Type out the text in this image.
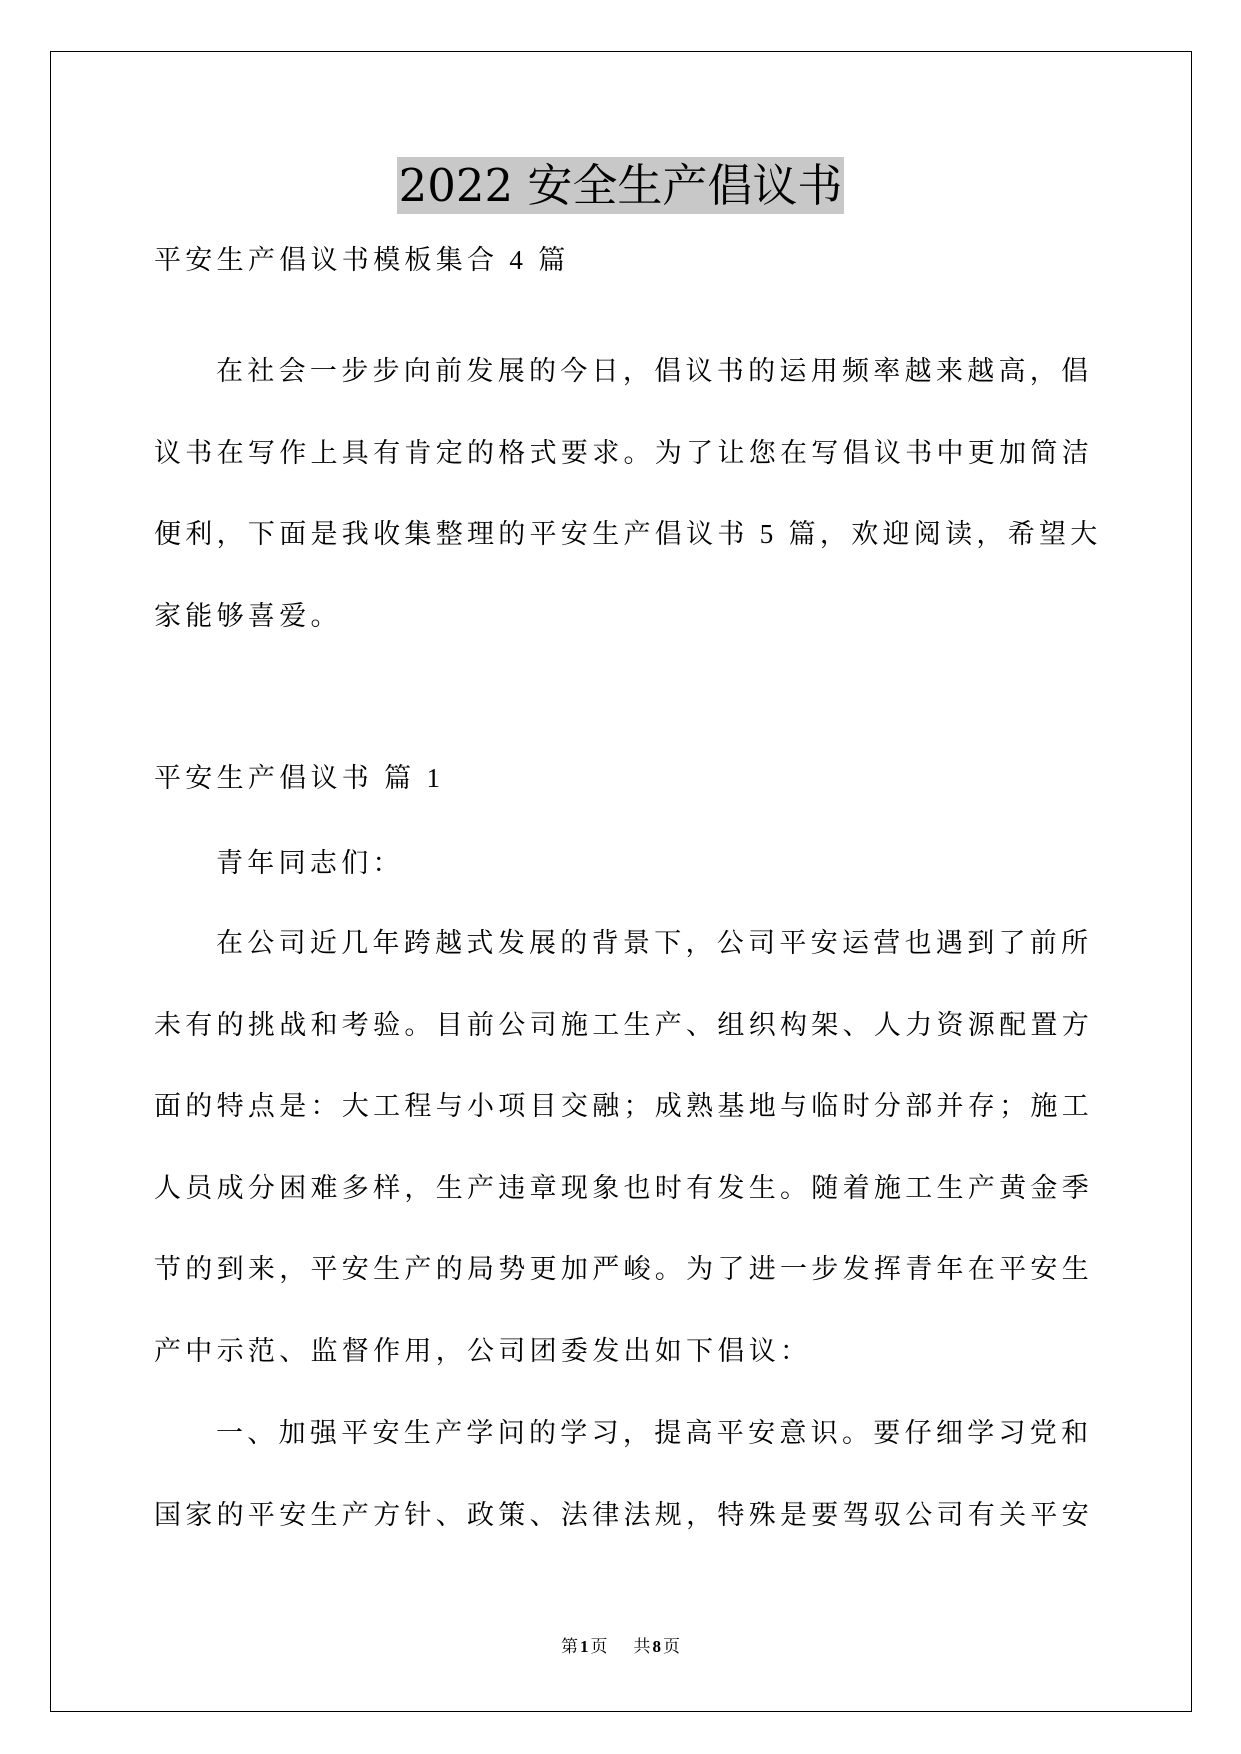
2022 安全生产倡议书
平安生产倡议书模板集合 4 篇
在社会一步步向前发展的今日，倡议书的运用频率越来越高，倡
议书在写作上具有肯定的格式要求。为了让您在写倡议书中更加简洁
便利，下面是我收集整理的平安生产倡议书 5 篇，欢迎阅读，希望大
家能够喜爱。
平安生产倡议书 篇 1
青年同志们：
在公司近几年跨越式发展的背景下，公司平安运营也遇到了前所
未有的挑战和考验。目前公司施工生产、组织构架、人力资源配置方
面的特点是：大工程与小项目交融；成熟基地与临时分部并存；施工
人员成分困难多样，生产违章现象也时有发生。随着施工生产黄金季
节的到来，平安生产的局势更加严峻。为了进一步发挥青年在平安生
产中示范、监督作用，公司团委发出如下倡议：
一、加强平安生产学问的学习，提高平安意识。要仔细学习党和
国家的平安生产方针、政策、法律法规，特殊是要驾驭公司有关平安
第 1 页 共 8 页
